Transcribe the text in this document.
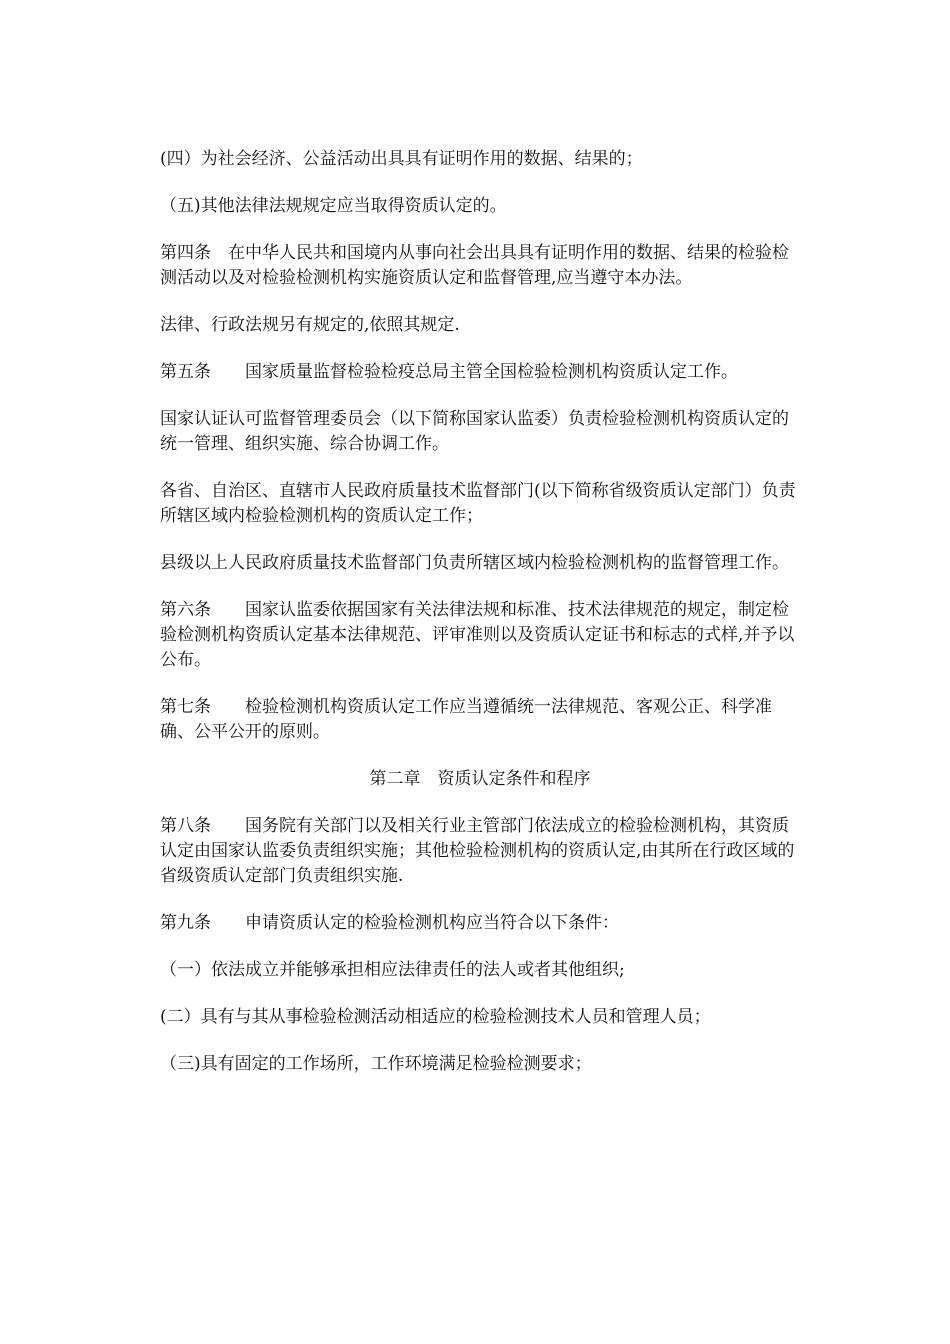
(四）为社会经济、公益活动出具具有证明作用的数据、结果的；

（五)其他法律法规规定应当取得资质认定的。

第四条　在中华人民共和国境内从事向社会出具具有证明作用的数据、结果的检验检测活动以及对检验检测机构实施资质认定和监督管理,应当遵守本办法。

法律、行政法规另有规定的,依照其规定.

第五条　　国家质量监督检验检疫总局主管全国检验检测机构资质认定工作。

国家认证认可监督管理委员会（以下简称国家认监委）负责检验检测机构资质认定的统一管理、组织实施、综合协调工作。

各省、自治区、直辖市人民政府质量技术监督部门(以下简称省级资质认定部门）负责所辖区域内检验检测机构的资质认定工作；

县级以上人民政府质量技术监督部门负责所辖区域内检验检测机构的监督管理工作。

第六条　　国家认监委依据国家有关法律法规和标准、技术法律规范的规定，制定检验检测机构资质认定基本法律规范、评审准则以及资质认定证书和标志的式样,并予以公布。

第七条　　检验检测机构资质认定工作应当遵循统一法律规范、客观公正、科学准确、公平公开的原则。

第二章　资质认定条件和程序

第八条　　国务院有关部门以及相关行业主管部门依法成立的检验检测机构，其资质认定由国家认监委负责组织实施；其他检验检测机构的资质认定,由其所在行政区域的省级资质认定部门负责组织实施.

第九条　　申请资质认定的检验检测机构应当符合以下条件：

（一）依法成立并能够承担相应法律责任的法人或者其他组织;

(二）具有与其从事检验检测活动相适应的检验检测技术人员和管理人员；

（三)具有固定的工作场所，工作环境满足检验检测要求；
